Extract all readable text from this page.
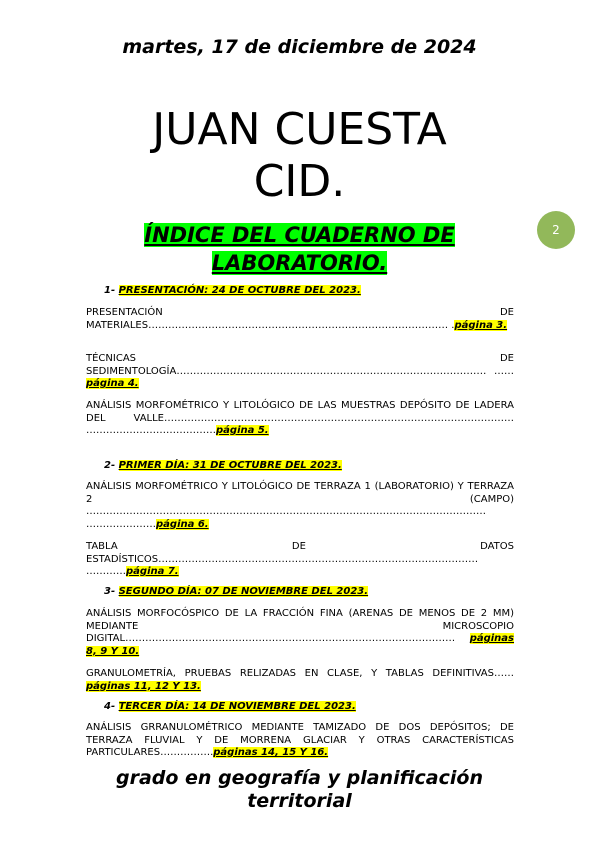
martes, 17 de diciembre de 2024
JUAN CUESTA
CID.
2
ÍNDICE DEL CUADERNO DE
LABORATORIO.
1- PRESENTACIÓN: 24 DE OCTUBRE DEL 2023.
PRESENTACIÓN DE MATERIALES……………………………………………………………………………… .página 3.
TÉCNICAS DE SEDIMENTOLOGÍA………………………………………………………………………………… ……página 4.
ANÁLISIS MORFOMÉTRICO Y LITOLÓGICO DE LAS MUESTRAS DEPÓSITO DE LADERA DEL VALLE…………………………………………………………………………………………… …………………………………página 5.
2- PRIMER DÍA: 31 DE OCTUBRE DEL 2023.
ANÁLISIS MORFOMÉTRICO Y LITOLÓGICO DE TERRAZA 1 (LABORATORIO) Y TERRAZA 2 (CAMPO) ………………………………………………………………………………………………………… …………………página 6.
TABLA DE DATOS ESTADÍSTICOS…………………………………………………………………………………… …………página 7.
3- SEGUNDO DÍA: 07 DE NOVIEMBRE DEL 2023.
ANÁLISIS MORFOCÓSPICO DE LA FRACCIÓN FINA (ARENAS DE MENOS DE 2 MM) MEDIANTE MICROSCOPIO DIGITAL……………………………………………………………………………………… páginas 8, 9 Y 10.
GRANULOMETRÍA, PRUEBAS RELIZADAS EN CLASE, Y TABLAS DEFINITIVAS……páginas 11, 12 Y 13.
4- TERCER DÍA: 14 DE NOVIEMBRE DEL 2023.
ANÁLISIS GRRANULOMÉTRICO MEDIANTE TAMIZADO DE DOS DEPÓSITOS; DE TERRAZA FLUVIAL Y DE MORRENA GLACIAR Y OTRAS CARACTERÍSTICAS PARTICULARES…………….páginas 14, 15 Y 16.
grado en geografía y planificación
territorial
